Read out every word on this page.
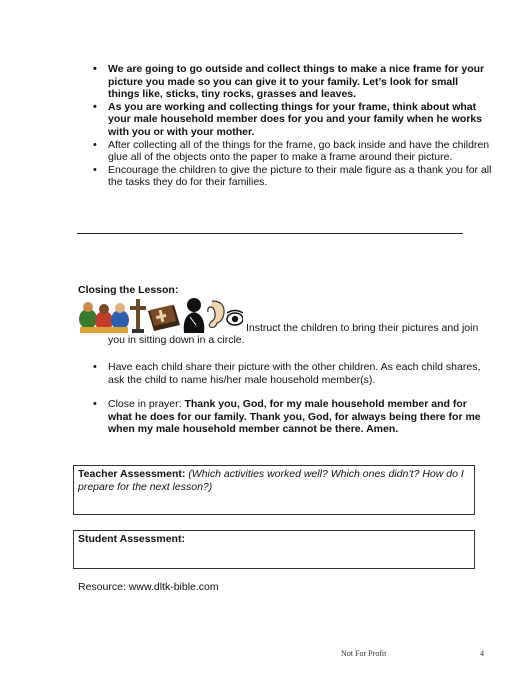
• We are going to go outside and collect things to make a nice frame for your picture you made so you can give it to your family. Let’s look for small things like, sticks, tiny rocks, grasses and leaves.
• As you are working and collecting things for your frame, think about what your male household member does for you and your family when he works with you or with your mother.
• After collecting all of the things for the frame, go back inside and have the children glue all of the objects onto the paper to make a frame around their picture.
• Encourage the children to give the picture to their male figure as a thank you for all the tasks they do for their families.
Closing the Lesson:
Instruct the children to bring their pictures and join
you in sitting down in a circle.
• Have each child share their picture with the other children. As each child shares, ask the child to name his/her male household member(s).
• Close in prayer: Thank you, God, for my male household member and for what he does for our family. Thank you, God, for always being there for me when my male household member cannot be there. Amen.
Teacher Assessment: (Which activities worked well? Which ones didn’t? How do I prepare for the next lesson?)
Student Assessment:
Resource: www.dltk-bible.com
Not For Profit	4
